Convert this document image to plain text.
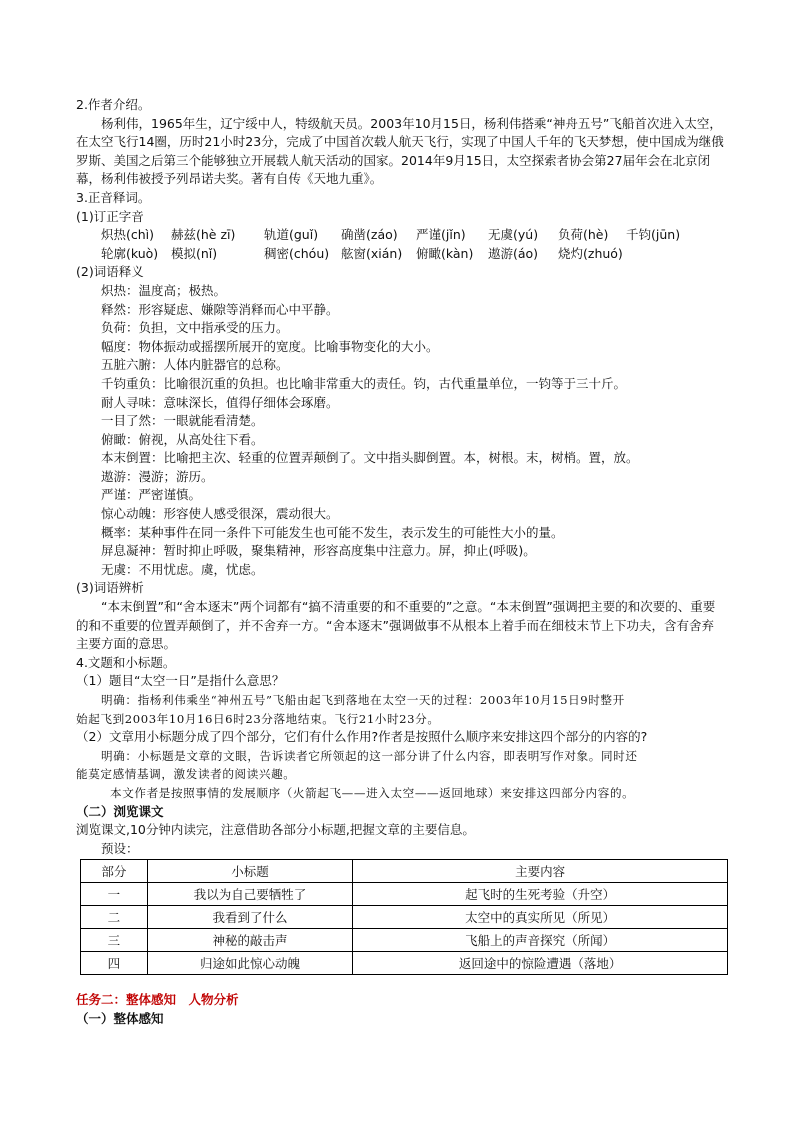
2.作者介绍。
杨利伟，1965年生，辽宁绥中人，特级航天员。2003年10月15日，杨利伟搭乘“神舟五号”飞船首次进入太空，在太空飞行14圈，历时21小时23分，完成了中国首次载人航天飞行，实现了中国人千年的飞天梦想，使中国成为继俄罗斯、美国之后第三个能够独立开展载人航天活动的国家。2014年9月15日，太空探索者协会第27届年会在北京闭幕，杨利伟被授予列昂诺夫奖。著有自传《天地九重》。
3.正音释词。
(1)订正字音
炽热(chì)	赫兹(hè zī)	轨道(guǐ)	确凿(záo)	严谨(jǐn)	无虞(yú)	负荷(hè)	千钧(jūn)
轮廓(kuò)	模拟(nǐ)	稠密(chóu) 舷窗(xián)	俯瞰(kàn)	遨游(áo)	烧灼(zhuó)
(2)词语释义
炽热：温度高；极热。
释然：形容疑虑、嫌隙等消释而心中平静。
负荷：负担，文中指承受的压力。
幅度：物体振动或摇摆所展开的宽度。比喻事物变化的大小。
五脏六腑：人体内脏器官的总称。
千钧重负：比喻很沉重的负担。也比喻非常重大的责任。钧，古代重量单位，一钧等于三十斤。
耐人寻味：意味深长，值得仔细体会琢磨。
一目了然：一眼就能看清楚。
俯瞰：俯视，从高处往下看。
本末倒置：比喻把主次、轻重的位置弄颠倒了。文中指头脚倒置。本，树根。末，树梢。置，放。
遨游：漫游；游历。
严谨：严密谨慎。
惊心动魄：形容使人感受很深，震动很大。
概率：某种事件在同一条件下可能发生也可能不发生，表示发生的可能性大小的量。
屏息凝神：暂时抑止呼吸，聚集精神，形容高度集中注意力。屏，抑止(呼吸)。
无虞：不用忧虑。虞，忧虑。
(3)词语辨析
“本末倒置”和“舍本逐末”两个词都有“搞不清重要的和不重要的”之意。“本末倒置”强调把主要的和次要的、重要的和不重要的位置弄颠倒了，并不舍弃一方。“舍本逐末”强调做事不从根本上着手而在细枝末节上下功夫，含有舍弃主要方面的意思。
4.文题和小标题。
（1）题目“太空一日”是指什么意思？
明确：指杨利伟乘坐“神州五号”飞船由起飞到落地在太空一天的过程：2003年10月15日9时整开
始起飞到2003年10月16日6时23分落地结束。飞行21小时23分。
（2）文章用小标题分成了四个部分，它们有什么作用?作者是按照什么顺序来安排这四个部分的内容的?
明确：小标题是文章的文眼，告诉读者它所领起的这一部分讲了什么内容，即表明写作对象。同时还
能莫定感情基调，激发读者的阅读兴趣。
本文作者是按照事情的发展顺序（火箭起飞——进入太空——返回地球）来安排这四部分内容的。
（二）浏览课文
浏览课文,10分钟内读完，注意借助各部分小标题,把握文章的主要信息。
预设：
部分	小标题	主要内容
一	我以为自己要牺牲了	起飞时的生死考验（升空）
二	我看到了什么	太空中的真实所见（所见）
三	神秘的敲击声	飞船上的声音探究（所闻）
四	归途如此惊心动魄	返回途中的惊险遭遇（落地）
任务二：整体感知　人物分析
（一）整体感知
